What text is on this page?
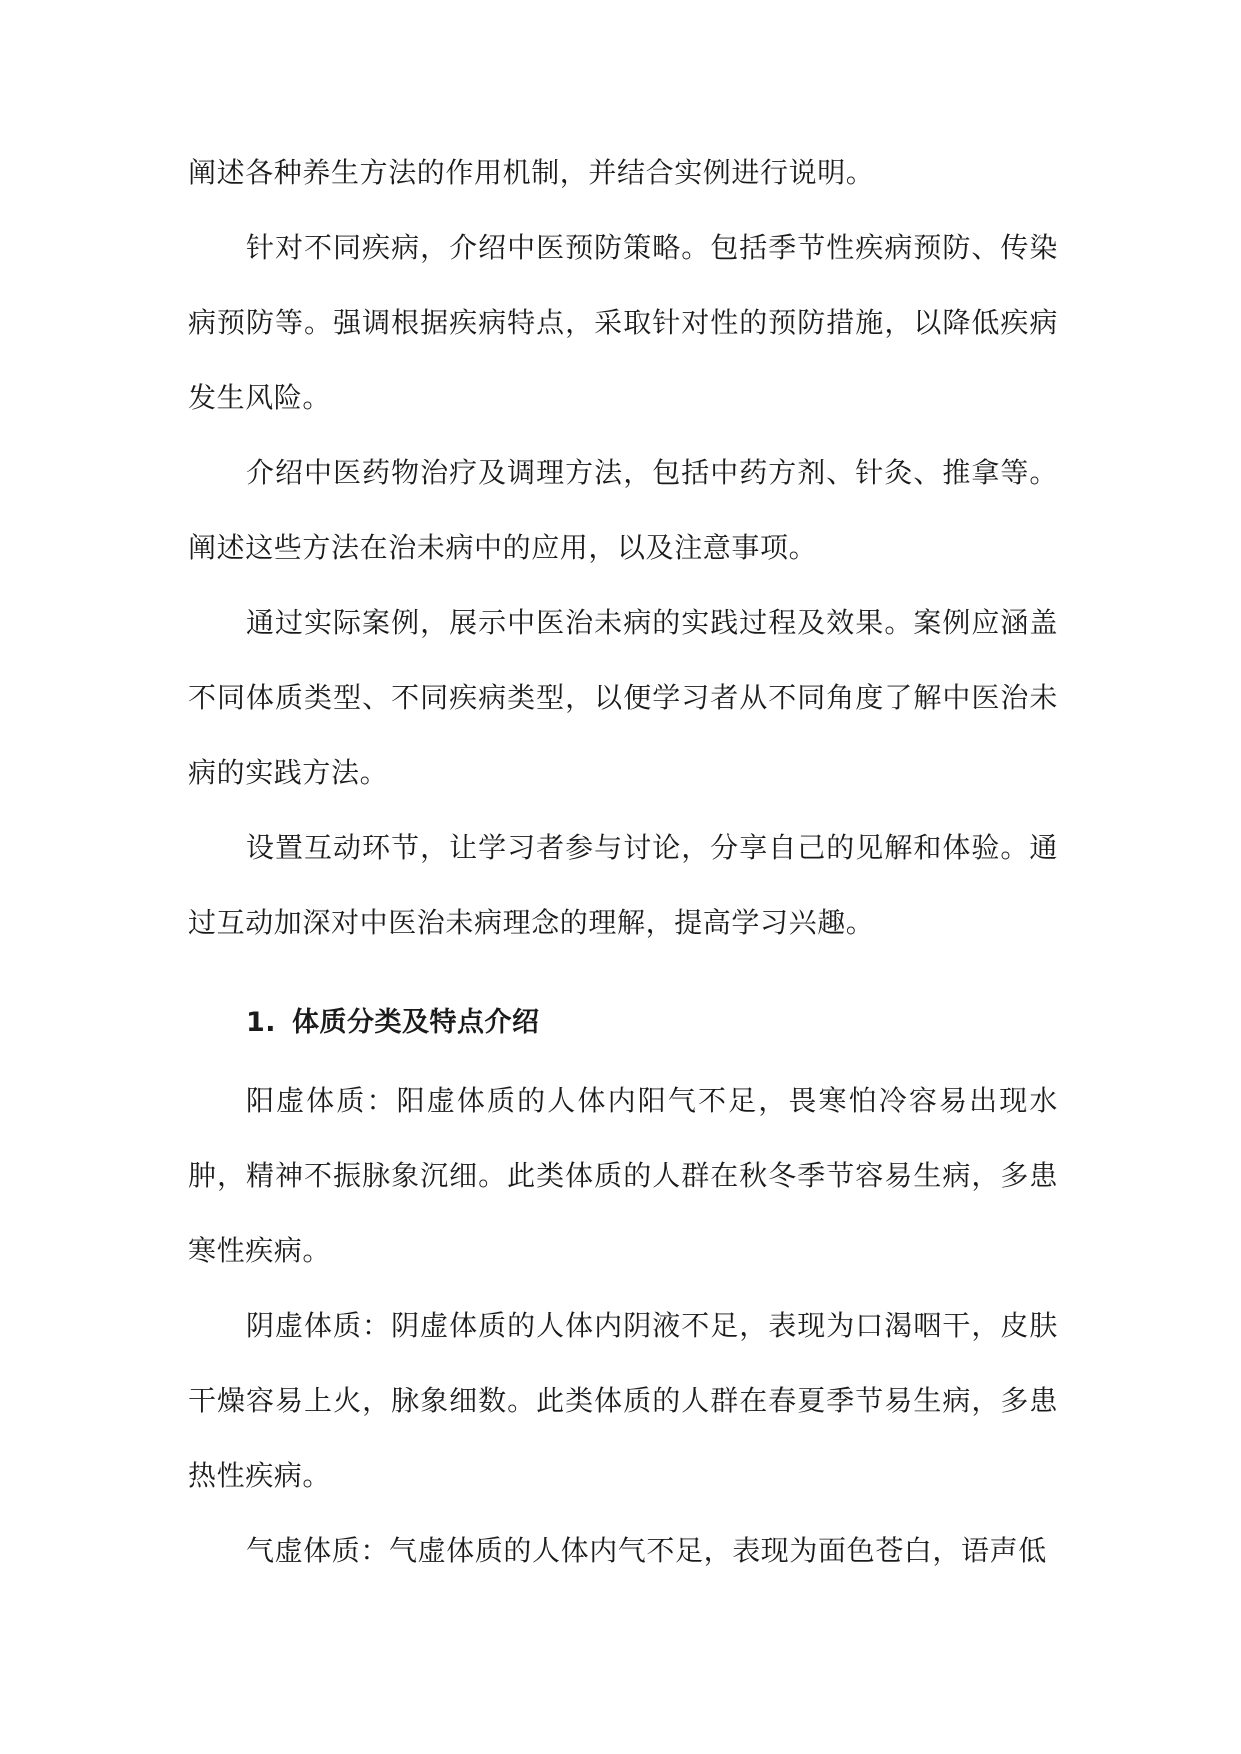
阐述各种养生方法的作用机制，并结合实例进行说明。

针对不同疾病，介绍中医预防策略。包括季节性疾病预防、传染病预防等。强调根据疾病特点，采取针对性的预防措施，以降低疾病发生风险。

介绍中医药物治疗及调理方法，包括中药方剂、针灸、推拿等。阐述这些方法在治未病中的应用，以及注意事项。

通过实际案例，展示中医治未病的实践过程及效果。案例应涵盖不同体质类型、不同疾病类型，以便学习者从不同角度了解中医治未病的实践方法。

设置互动环节，让学习者参与讨论，分享自己的见解和体验。通过互动加深对中医治未病理念的理解，提高学习兴趣。

1. 体质分类及特点介绍

阳虚体质：阳虚体质的人体内阳气不足，畏寒怕冷容易出现水肿，精神不振脉象沉细。此类体质的人群在秋冬季节容易生病，多患寒性疾病。

阴虚体质：阴虚体质的人体内阴液不足，表现为口渴咽干，皮肤干燥容易上火，脉象细数。此类体质的人群在春夏季节易生病，多患热性疾病。

气虚体质：气虚体质的人体内气不足，表现为面色苍白，语声低
